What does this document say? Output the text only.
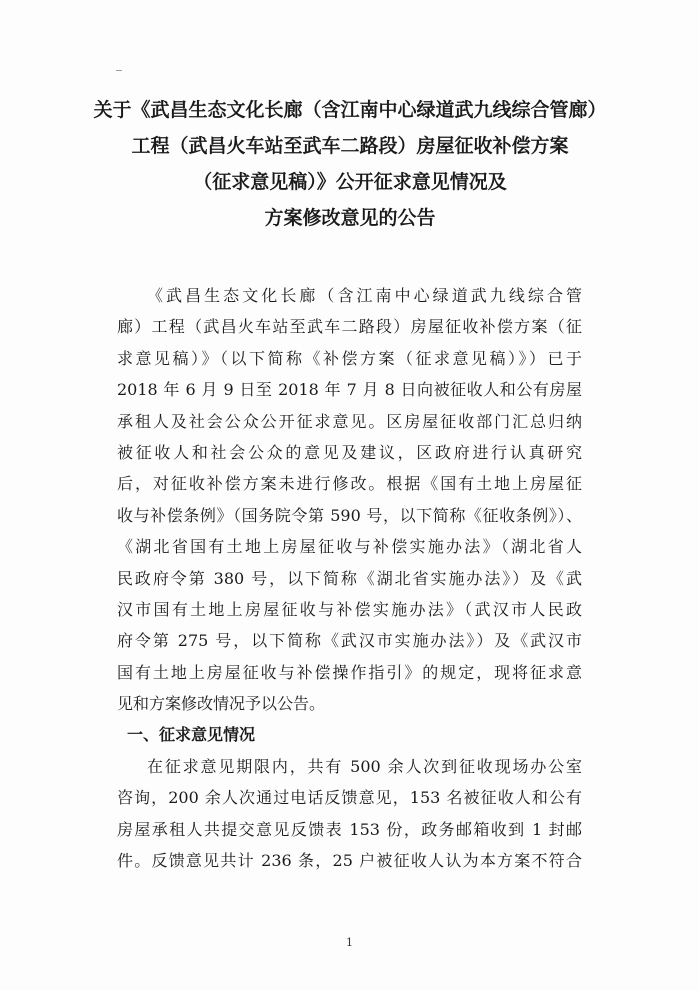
关于《武昌生态文化长廊（含江南中心绿道武九线综合管廊）
工程（武昌火车站至武车二路段）房屋征收补偿方案
（征求意见稿）》公开征求意见情况及
方案修改意见的公告
《武昌生态文化长廊（含江南中心绿道武九线综合管
廊）工程（武昌火车站至武车二路段）房屋征收补偿方案（征
求意见稿）》（以下简称《补偿方案（征求意见稿）》）已于
2018 年 6 月 9 日至 2018 年 7 月 8 日向被征收人和公有房屋
承租人及社会公众公开征求意见。区房屋征收部门汇总归纳
被征收人和社会公众的意见及建议，区政府进行认真研究
后，对征收补偿方案未进行修改。根据《国有土地上房屋征
收与补偿条例》（国务院令第 590 号，以下简称《征收条例》）、
《湖北省国有土地上房屋征收与补偿实施办法》（湖北省人
民政府令第 380 号，以下简称《湖北省实施办法》）及《武
汉市国有土地上房屋征收与补偿实施办法》（武汉市人民政
府令第 275 号，以下简称《武汉市实施办法》）及《武汉市
国有土地上房屋征收与补偿操作指引》的规定，现将征求意
见和方案修改情况予以公告。
一、征求意见情况
在征求意见期限内，共有 500 余人次到征收现场办公室
咨询，200 余人次通过电话反馈意见，153 名被征收人和公有
房屋承租人共提交意见反馈表 153 份，政务邮箱收到 1 封邮
件。反馈意见共计 236 条，25 户被征收人认为本方案不符合
1
